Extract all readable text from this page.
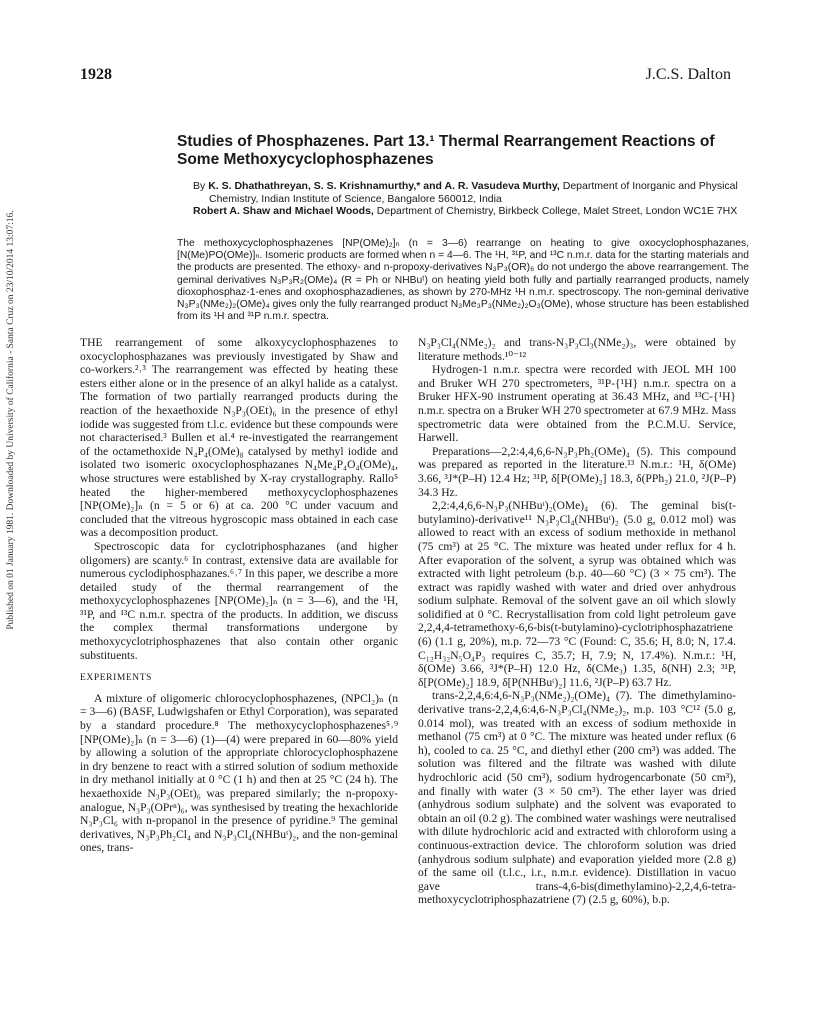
Published on 01 January 1981. Downloaded by University of California - Santa Cruz on 23/10/2014 13:07:16.
1928	J.C.S. Dalton
Studies of Phosphazenes. Part 13.¹ Thermal Rearrangement Reactions of Some Methoxycyclophosphazenes
By K. S. Dhathathreyan, S. S. Krishnamurthy,* and A. R. Vasudeva Murthy, Department of Inorganic and Physical Chemistry, Indian Institute of Science, Bangalore 560012, India
Robert A. Shaw and Michael Woods, Department of Chemistry, Birkbeck College, Malet Street, London WC1E 7HX
The methoxycyclophosphazenes [NP(OMe)₂]ₙ (n = 3—6) rearrange on heating to give oxocyclophosphazanes, [N(Me)PO(OMe)]ₙ. Isomeric products are formed when n = 4—6. The ¹H, ³¹P, and ¹³C n.m.r. data for the starting materials and the products are presented. The ethoxy- and n-propoxy-derivatives N₃P₃(OR)₆ do not undergo the above rearrangement. The geminal derivatives N₃P₃R₂(OMe)₄ (R = Ph or NHBuᵗ) on heating yield both fully and partially rearranged products, namely dioxophosphaz-1-enes and oxophosphazadienes, as shown by 270-MHz ¹H n.m.r. spectroscopy. The non-geminal derivative N₃P₃(NMe₂)₂(OMe)₄ gives only the fully rearranged product N₃Me₃P₃(NMe₂)₂O₃(OMe), whose structure has been established from its ¹H and ³¹P n.m.r. spectra.

THE rearrangement of some alkoxycyclophosphazenes to oxocyclophosphazanes was previously investigated by Shaw and co-workers.²˒³ The rearrangement was effected by heating these esters either alone or in the presence of an alkyl halide as a catalyst. The formation of two partially rearranged products during the reaction of the hexaethoxide N₃P₃(OEt)₆ in the presence of ethyl iodide was suggested from t.l.c. evidence but these compounds were not characterised.³ Bullen et al.⁴ re-investigated the rearrangement of the octamethoxide N₄P₄(OMe)₈ catalysed by methyl iodide and isolated two isomeric oxocyclophosphazanes N₄Me₄P₄O₄(OMe)₄, whose structures were established by X-ray crystallography. Rallo⁵ heated the higher-membered methoxycyclophosphazenes [NP(OMe)₂]ₙ (n = 5 or 6) at ca. 200 °C under vacuum and concluded that the vitreous hygroscopic mass obtained in each case was a decomposition product.

Spectroscopic data for cyclotriphosphazanes (and higher oligomers) are scanty.⁶ In contrast, extensive data are available for numerous cyclodiphosphazanes.⁶˒⁷ In this paper, we describe a more detailed study of the thermal rearrangement of the methoxycyclophosphazenes [NP(OMe)₂]ₙ (n = 3—6), and the ¹H, ³¹P, and ¹³C n.m.r. spectra of the products. In addition, we discuss the complex thermal transformations undergone by methoxycyclotriphosphazenes that also contain other organic substituents.

EXPERIMENTS

A mixture of oligomeric chlorocyclophosphazenes, (NPCl₂)ₙ (n = 3—6) (BASF, Ludwigshafen or Ethyl Corporation), was separated by a standard procedure.⁸ The methoxycyclophosphazenes⁵˒⁹ [NP(OMe)₂]ₙ (n = 3—6) (1)—(4) were prepared in 60—80% yield by allowing a solution of the appropriate chlorocyclophosphazene in dry benzene to react with a stirred solution of sodium methoxide in dry methanol initially at 0 °C (1 h) and then at 25 °C (24 h). The hexaethoxide N₃P₃(OEt)₆ was prepared similarly; the n-propoxy-analogue, N₃P₃(OPrⁿ)₆, was synthesised by treating the hexachloride N₃P₃Cl₆ with n-propanol in the presence of pyridine.⁹ The geminal derivatives, N₃P₃Ph₂Cl₄ and N₃P₃Cl₄(NHBuᵗ)₂, and the non-geminal ones, trans-

N₃P₃Cl₄(NMe₂)₂ and trans-N₃P₃Cl₃(NMe₂)₃, were obtained by literature methods.¹⁰⁻¹²

Hydrogen-1 n.m.r. spectra were recorded with JEOL MH 100 and Bruker WH 270 spectrometers, ³¹P-{¹H} n.m.r. spectra on a Bruker HFX-90 instrument operating at 36.43 MHz, and ¹³C-{¹H} n.m.r. spectra on a Bruker WH 270 spectrometer at 67.9 MHz. Mass spectrometric data were obtained from the P.C.M.U. Service, Harwell.

Preparations—2,2:4,4,6,6-N₃P₃Ph₂(OMe)₄ (5). This compound was prepared as reported in the literature.¹³ N.m.r.: ¹H, δ(OMe) 3.66, ³J*(P–H) 12.4 Hz; ³¹P, δ[P(OMe)₂] 18.3, δ(PPh₂) 21.0, ²J(P–P) 34.3 Hz.

2,2:4,4,6,6-N₃P₃(NHBuᵗ)₂(OMe)₄ (6). The geminal bis(t-butylamino)-derivative¹¹ N₃P₃Cl₄(NHBuᵗ)₂ (5.0 g, 0.012 mol) was allowed to react with an excess of sodium methoxide in methanol (75 cm³) at 25 °C. The mixture was heated under reflux for 4 h. After evaporation of the solvent, a syrup was obtained which was extracted with light petroleum (b.p. 40—60 °C) (3 × 75 cm³). The extract was rapidly washed with water and dried over anhydrous sodium sulphate. Removal of the solvent gave an oil which slowly solidified at 0 °C. Recrystallisation from cold light petroleum gave 2,2,4,4-tetramethoxy-6,6-bis(t-butylamino)-cyclotriphosphazatriene (6) (1.1 g, 20%), m.p. 72—73 °C (Found: C, 35.6; H, 8.0; N, 17.4. C₁₂H₃₂N₅O₄P₃ requires C, 35.7; H, 7.9; N, 17.4%). N.m.r.: ¹H, δ(OMe) 3.66, ³J*(P–H) 12.0 Hz, δ(CMe₃) 1.35, δ(NH) 2.3; ³¹P, δ[P(OMe)₂] 18.9, δ[P(NHBuᵗ)₂] 11.6, ²J(P–P) 63.7 Hz.

trans-2,2,4,6:4,6-N₃P₃(NMe₂)₂(OMe)₄ (7). The dimethylamino-derivative trans-2,2,4,6:4,6-N₃P₃Cl₄(NMe₂)₂, m.p. 103 °C¹² (5.0 g, 0.014 mol), was treated with an excess of sodium methoxide in methanol (75 cm³) at 0 °C. The mixture was heated under reflux (6 h), cooled to ca. 25 °C, and diethyl ether (200 cm³) was added. The solution was filtered and the filtrate was washed with dilute hydrochloric acid (50 cm³), sodium hydrogencarbonate (50 cm³), and finally with water (3 × 50 cm³). The ether layer was dried (anhydrous sodium sulphate) and the solvent was evaporated to obtain an oil (0.2 g). The combined water washings were neutralised with dilute hydrochloric acid and extracted with chloroform using a continuous-extraction device. The chloroform solution was dried (anhydrous sodium sulphate) and evaporation yielded more (2.8 g) of the same oil (t.l.c., i.r., n.m.r. evidence). Distillation in vacuo gave trans-4,6-bis(dimethylamino)-2,2,4,6-tetra-methoxycyclotriphosphazatriene (7) (2.5 g, 60%), b.p.
